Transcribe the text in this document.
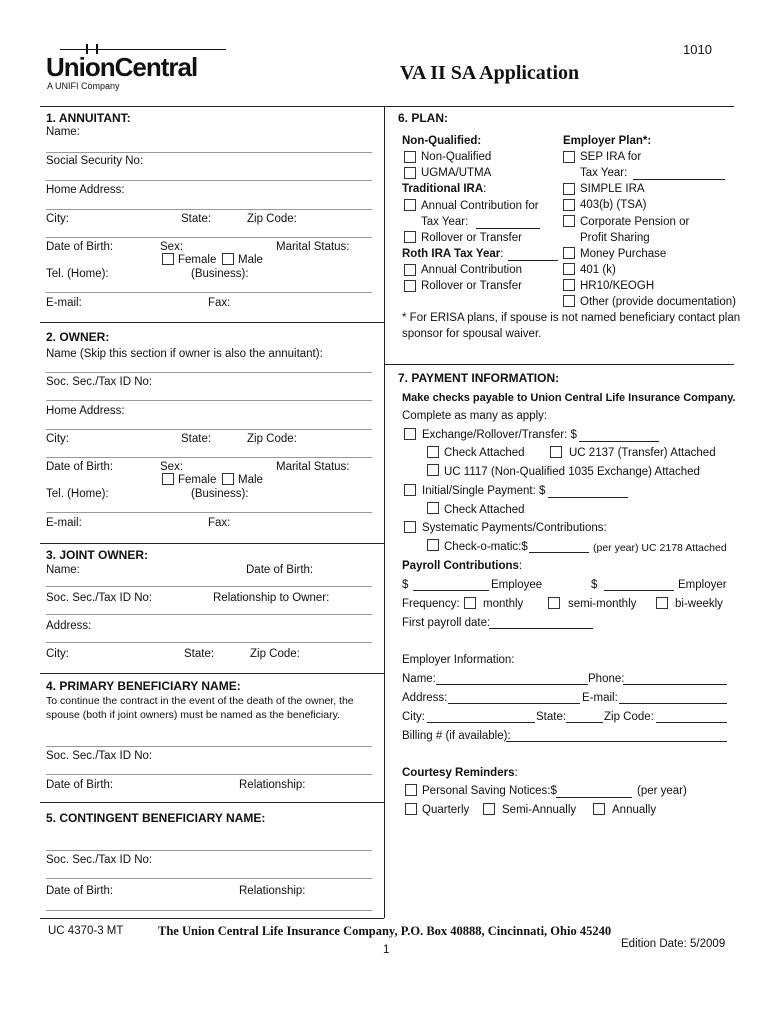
UnionCentral
A UNIFI Company
1010
VA II SA Application
1. ANNUITANT:
Name:
Social Security No:
Home Address:
City:	State:	Zip Code:
Date of Birth:	Sex:	Marital Status:
Female Male
Tel. (Home):	(Business):
E-mail:	Fax:
2. OWNER:
Name (Skip this section if owner is also the annuitant):
Soc. Sec./Tax ID No:
Home Address:
City:	State:	Zip Code:
Date of Birth:	Sex:	Marital Status:
Female Male
Tel. (Home):	(Business):
E-mail:	Fax:
3. JOINT OWNER:
Name:	Date of Birth:
Soc. Sec./Tax ID No:	Relationship to Owner:
Address:
City:	State:	Zip Code:
4. PRIMARY BENEFICIARY NAME:
To continue the contract in the event of the death of the owner, the
spouse (both if joint owners) must be named as the beneficiary.
Soc. Sec./Tax ID No:
Date of Birth:	Relationship:
5. CONTINGENT BENEFICIARY NAME:
Soc. Sec./Tax ID No:
Date of Birth:	Relationship:
6. PLAN:
Non-Qualified:
Non-Qualified
UGMA/UTMA
Traditional IRA:
Annual Contribution for
Tax Year:
Rollover or Transfer
Roth IRA Tax Year:
Annual Contribution
Rollover or Transfer
Employer Plan*:
SEP IRA for
Tax Year:
SIMPLE IRA
403(b) (TSA)
Corporate Pension or
Profit Sharing
Money Purchase
401 (k)
HR10/KEOGH
Other (provide documentation)
* For ERISA plans, if spouse is not named beneficiary contact plan
sponsor for spousal waiver.
7. PAYMENT INFORMATION:
Make checks payable to Union Central Life Insurance Company.
Complete as many as apply:
Exchange/Rollover/Transfer: $
Check Attached	UC 2137 (Transfer) Attached
UC 1117 (Non-Qualified 1035 Exchange) Attached
Initial/Single Payment: $
Check Attached
Systematic Payments/Contributions:
Check-o-matic:$	(per year) UC 2178 Attached
Payroll Contributions:
$	Employee	$	Employer
Frequency: monthly	semi-monthly	bi-weekly
First payroll date:
Employer Information:
Name:	Phone:
Address:	E-mail:
City:	State:	Zip Code:
Billing # (if available):
Courtesy Reminders:
Personal Saving Notices:$	(per year)
Quarterly	Semi-Annually	Annually
UC 4370-3 MT	The Union Central Life Insurance Company, P.O. Box 40888, Cincinnati, Ohio 45240
Edition Date: 5/2009
1
